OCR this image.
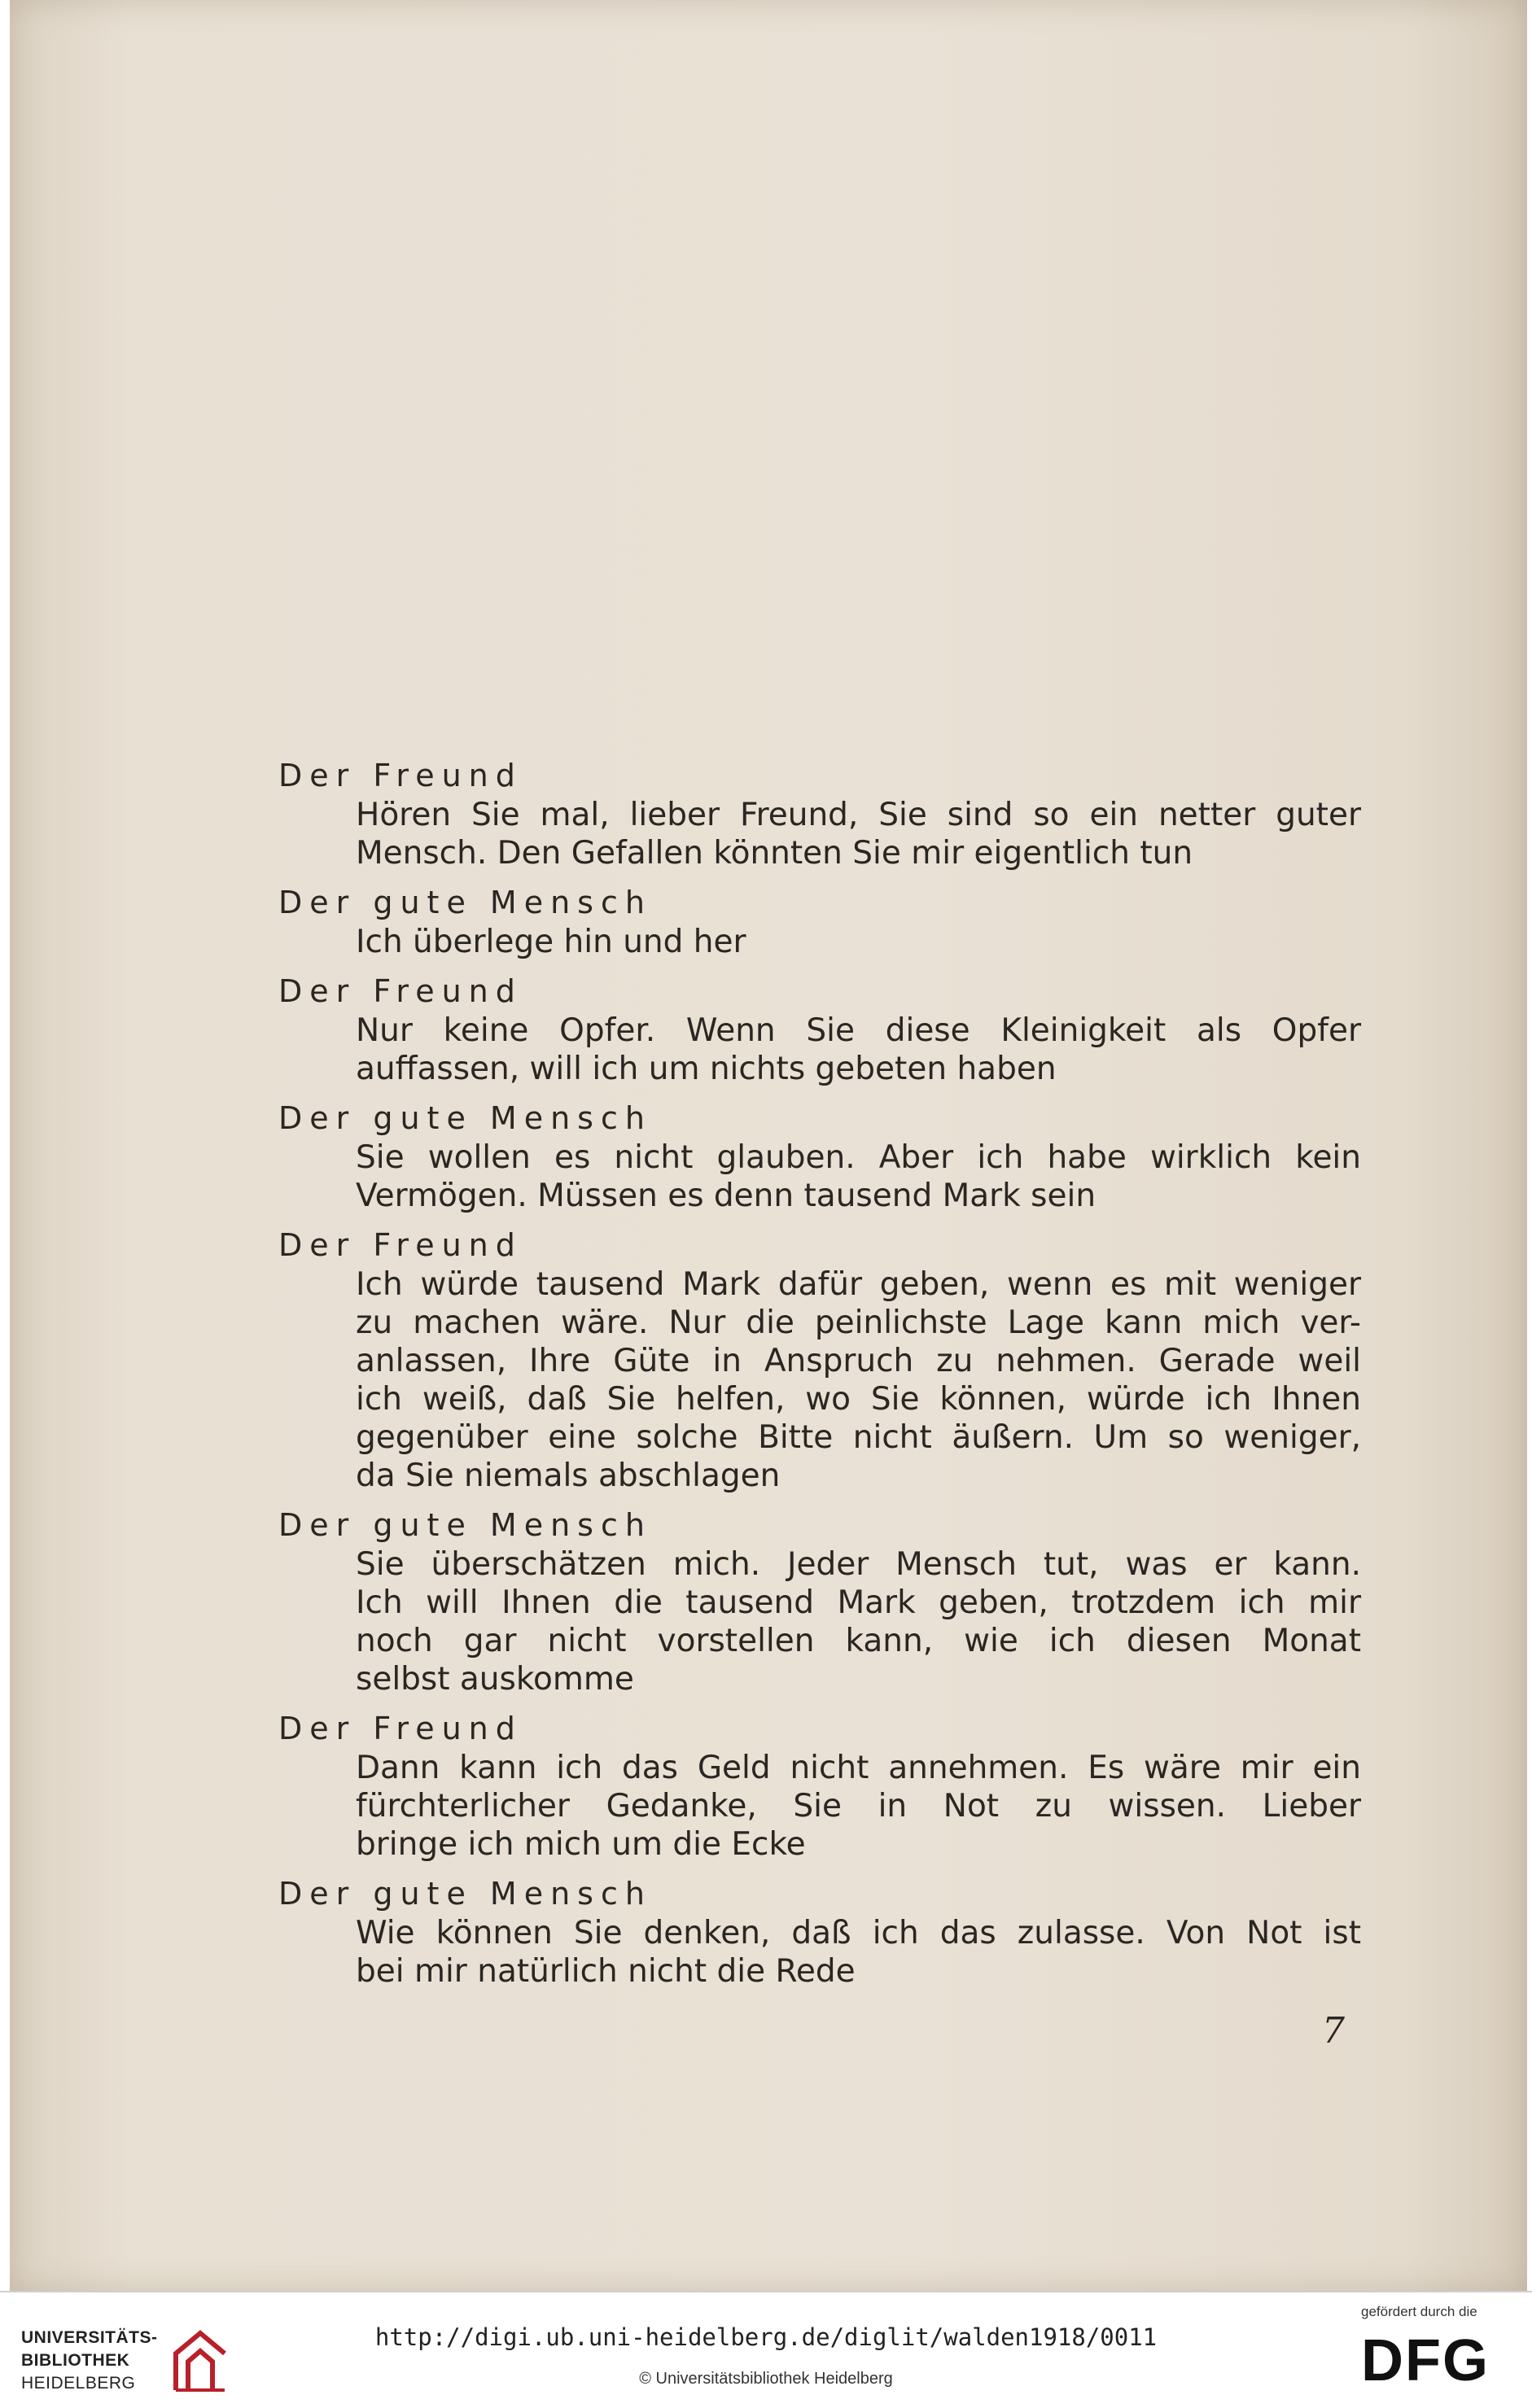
Der Freund
Hören Sie mal, lieber Freund, Sie sind so ein netter guter
Mensch. Den Gefallen könnten Sie mir eigentlich tun
Der gute Mensch
Ich überlege hin und her
Der Freund
Nur keine Opfer. Wenn Sie diese Kleinigkeit als Opfer
auffassen, will ich um nichts gebeten haben
Der gute Mensch
Sie wollen es nicht glauben. Aber ich habe wirklich kein
Vermögen. Müssen es denn tausend Mark sein
Der Freund
Ich würde tausend Mark dafür geben, wenn es mit weniger
zu machen wäre. Nur die peinlichste Lage kann mich ver-
anlassen, Ihre Güte in Anspruch zu nehmen. Gerade weil
ich weiß, daß Sie helfen, wo Sie können, würde ich Ihnen
gegenüber eine solche Bitte nicht äußern. Um so weniger,
da Sie niemals abschlagen
Der gute Mensch
Sie überschätzen mich. Jeder Mensch tut, was er kann.
Ich will Ihnen die tausend Mark geben, trotzdem ich mir
noch gar nicht vorstellen kann, wie ich diesen Monat
selbst auskomme
Der Freund
Dann kann ich das Geld nicht annehmen. Es wäre mir ein
fürchterlicher Gedanke, Sie in Not zu wissen. Lieber
bringe ich mich um die Ecke
Der gute Mensch
Wie können Sie denken, daß ich das zulasse. Von Not ist
bei mir natürlich nicht die Rede
7
UNIVERSITÄTS-
BIBLIOTHEK
HEIDELBERG
http://digi.ub.uni-heidelberg.de/diglit/walden1918/0011
© Universitätsbibliothek Heidelberg
gefördert durch die
DFG
